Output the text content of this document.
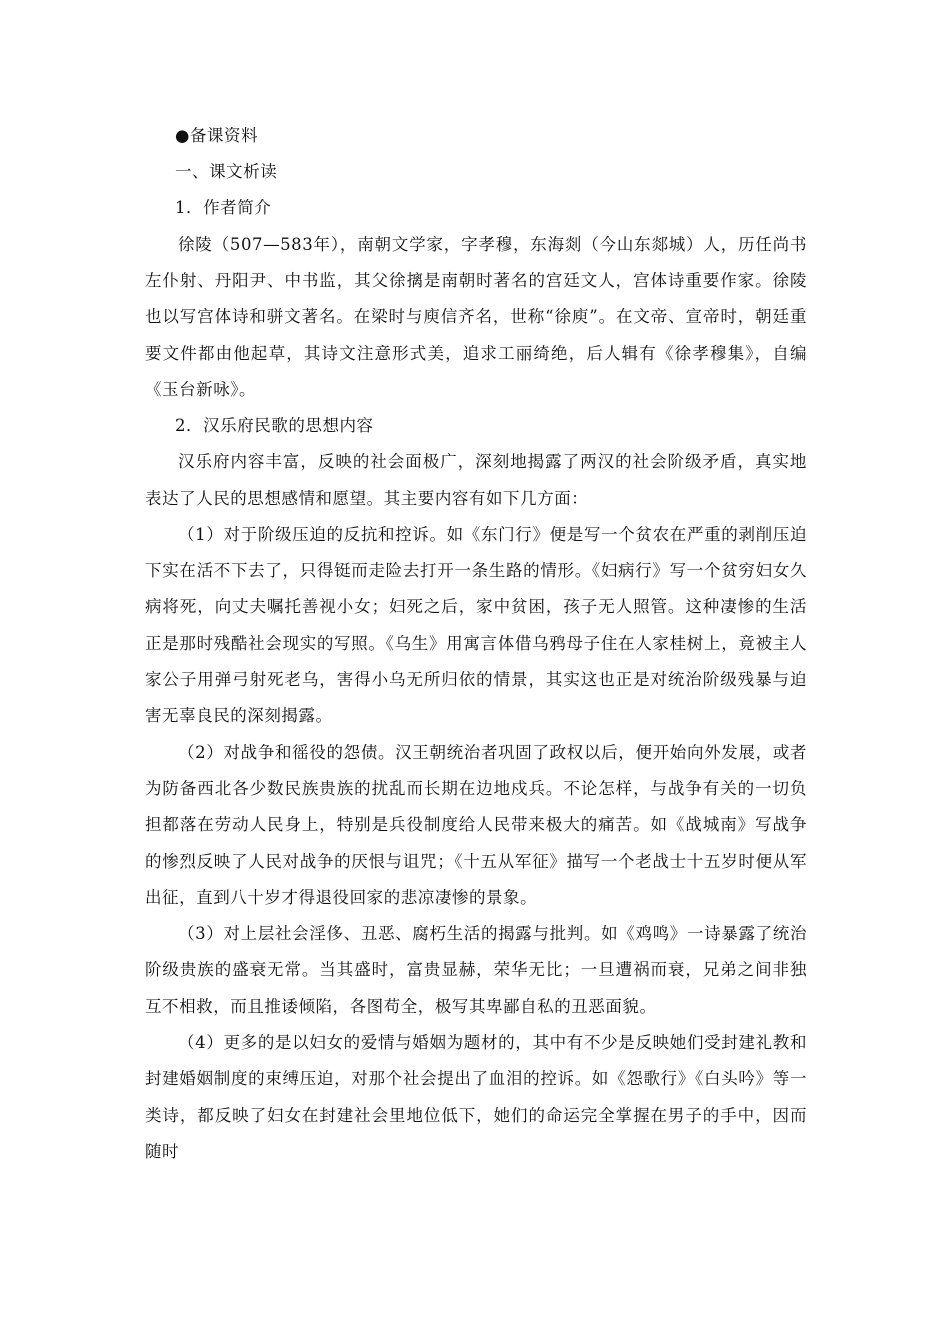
●备课资料

一、课文析读

1．作者简介

徐陵（507—583年），南朝文学家，字孝穆，东海剡（今山东郯城）人，历任尚书左仆射、丹阳尹、中书监，其父徐摛是南朝时著名的宫廷文人，宫体诗重要作家。徐陵也以写宫体诗和骈文著名。在梁时与庾信齐名，世称“徐庾”。在文帝、宣帝时，朝廷重要文件都由他起草，其诗文注意形式美，追求工丽绮绝，后人辑有《徐孝穆集》，自编《玉台新咏》。

2．汉乐府民歌的思想内容

汉乐府内容丰富，反映的社会面极广，深刻地揭露了两汉的社会阶级矛盾，真实地表达了人民的思想感情和愿望。其主要内容有如下几方面：

（1）对于阶级压迫的反抗和控诉。如《东门行》便是写一个贫农在严重的剥削压迫下实在活不下去了，只得铤而走险去打开一条生路的情形。《妇病行》写一个贫穷妇女久病将死，向丈夫嘱托善视小女；妇死之后，家中贫困，孩子无人照管。这种凄惨的生活正是那时残酷社会现实的写照。《乌生》用寓言体借乌鸦母子住在人家桂树上，竟被主人家公子用弹弓射死老乌，害得小乌无所归依的情景，其实这也正是对统治阶级残暴与迫害无辜良民的深刻揭露。

（2）对战争和徭役的怨债。汉王朝统治者巩固了政权以后，便开始向外发展，或者为防备西北各少数民族贵族的扰乱而长期在边地戍兵。不论怎样，与战争有关的一切负担都落在劳动人民身上，特别是兵役制度给人民带来极大的痛苦。如《战城南》写战争的惨烈反映了人民对战争的厌恨与诅咒；《十五从军征》描写一个老战士十五岁时便从军出征，直到八十岁才得退役回家的悲凉凄惨的景象。

（3）对上层社会淫侈、丑恶、腐朽生活的揭露与批判。如《鸡鸣》一诗暴露了统治阶级贵族的盛衰无常。当其盛时，富贵显赫，荣华无比；一旦遭祸而衰，兄弟之间非独互不相救，而且推诿倾陷，各图苟全，极写其卑鄙自私的丑恶面貌。

（4）更多的是以妇女的爱情与婚姻为题材的，其中有不少是反映她们受封建礼教和封建婚姻制度的束缚压迫，对那个社会提出了血泪的控诉。如《怨歌行》《白头吟》等一类诗，都反映了妇女在封建社会里地位低下，她们的命运完全掌握在男子的手中，因而随时
